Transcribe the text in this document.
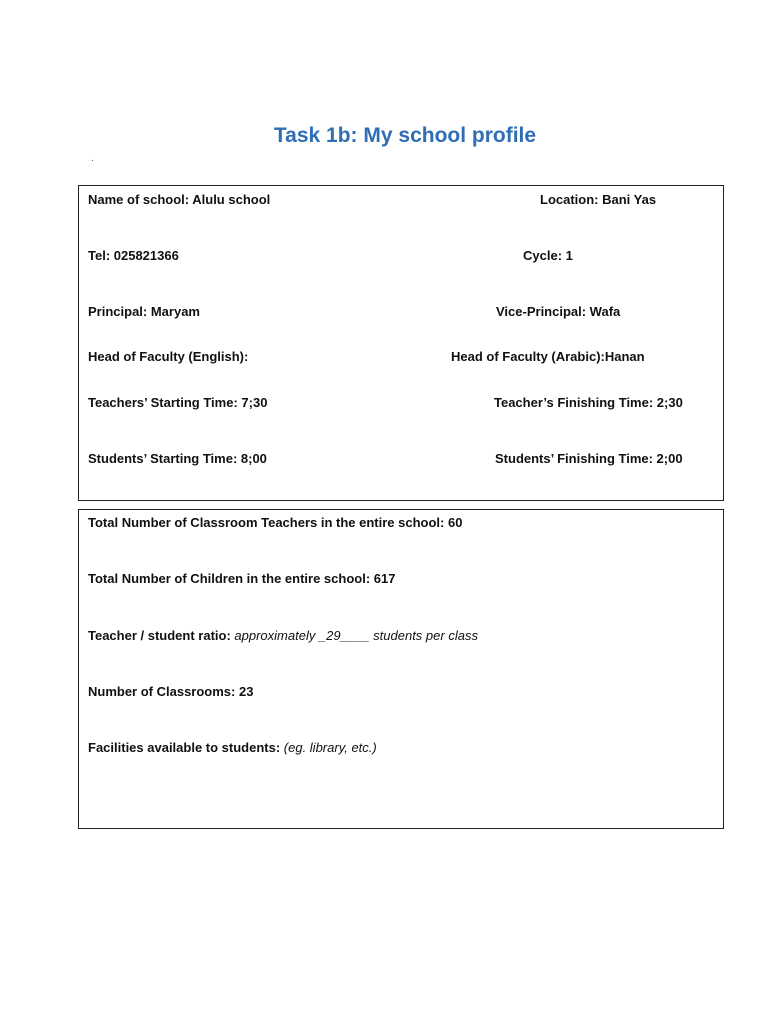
Task 1b: My school profile
.
Name of school: Alulu school	Location: Bani Yas
Tel: 025821366	Cycle: 1
Principal: Maryam	Vice-Principal: Wafa
Head of Faculty (English):	Head of Faculty (Arabic):Hanan
Teachers’ Starting Time: 7;30	Teacher’s Finishing Time: 2;30
Students’ Starting Time: 8;00	Students’ Finishing Time: 2;00
Total Number of Classroom Teachers in the entire school: 60
Total Number of Children in the entire school: 617
Teacher / student ratio: approximately _29____ students per class
Number of Classrooms: 23
Facilities available to students: (eg. library, etc.)
